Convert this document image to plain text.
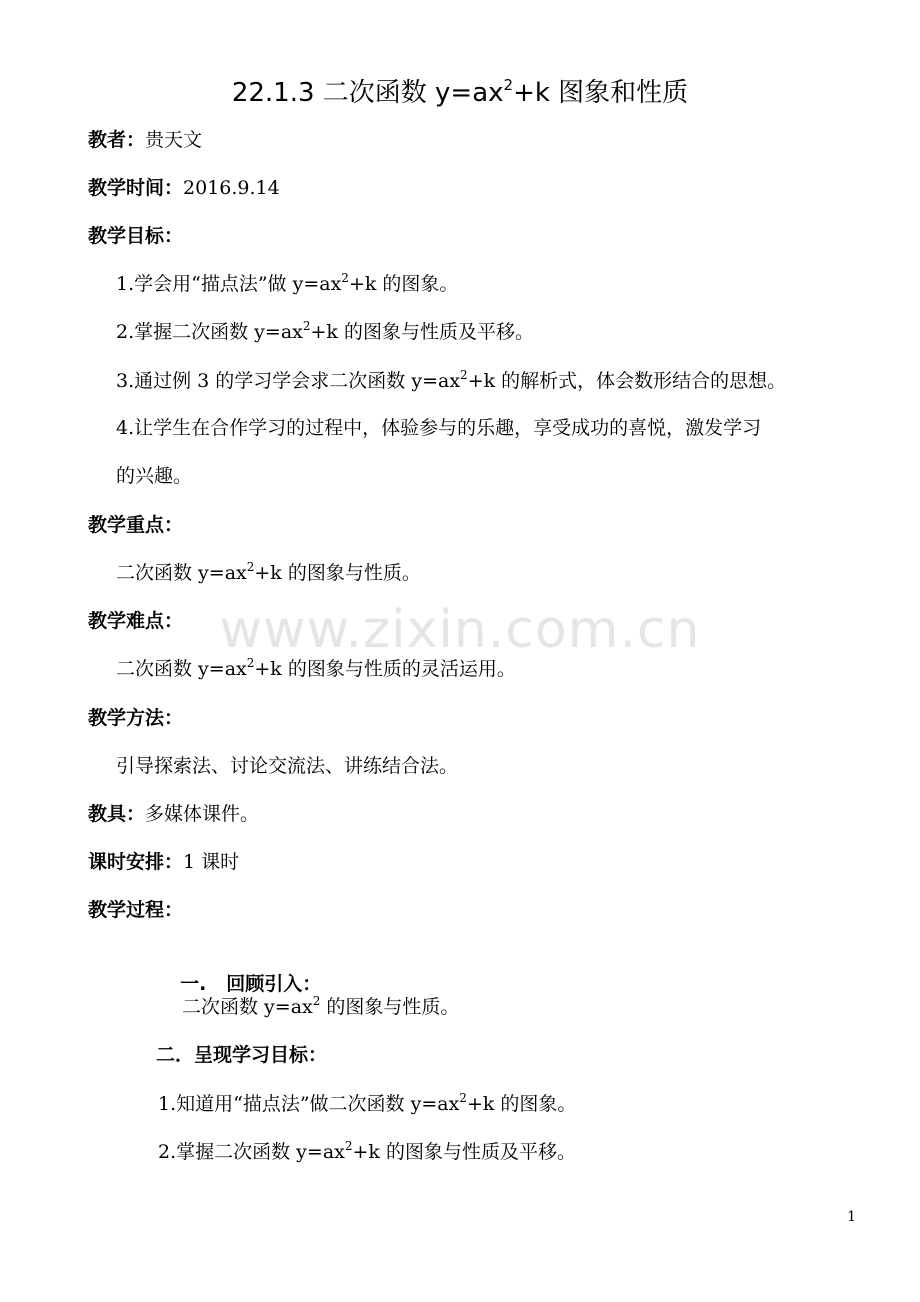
22.1.3 二次函数 $y=ax^2+k$ 图象和性质
教者：贵天文
教学时间：2016.9.14
教学目标：
1.学会用“描点法”做 $y=ax^2+k$ 的图象。
2.掌握二次函数 $y=ax^2+k$ 的图象与性质及平移。
3.通过例 3 的学习学会求二次函数 $y=ax^2+k$ 的解析式，体会数形结合的思想。
4.让学生在合作学习的过程中，体验参与的乐趣，享受成功的喜悦，激发学习
的兴趣。
教学重点：
二次函数 $y=ax^2+k$ 的图象与性质。
教学难点：
二次函数 $y=ax^2+k$ 的图象与性质的灵活运用。
教学方法：
引导探索法、讨论交流法、讲练结合法。
教具：多媒体课件。
课时安排：1 课时
教学过程：

一.   回顾引入：

二次函数 $y=ax^2$ 的图象与性质。
二．呈现学习目标：
1.知道用“描点法”做二次函数 $y=ax^2+k$ 的图象。
2.掌握二次函数 $y=ax^2+k$ 的图象与性质及平移。
www.zixin.com.cn
1
